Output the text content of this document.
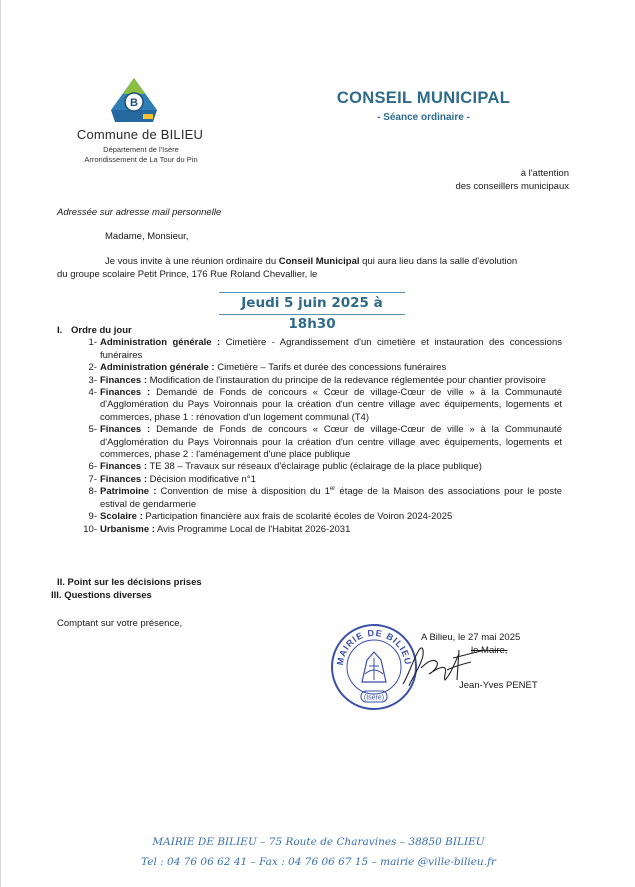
B
Commune de BILIEU
Département de l'Isère
Arrondissement de La Tour du Pin
CONSEIL MUNICIPAL
- Séance ordinaire -
à l'attention
des conseillers municipaux
Adressée sur adresse mail personnelle
Madame, Monsieur,
Je vous invite à une réunion ordinaire du Conseil Municipal qui aura lieu dans la salle d'évolution
du groupe scolaire Petit Prince, 176 Rue Roland Chevallier, le
Jeudi 5 juin 2025 à 18h30
I. Ordre du jour
1- Administration générale : Cimetière - Agrandissement d'un cimetière et instauration des concessions funéraires
2- Administration générale : Cimetière – Tarifs et durée des concessions funéraires
3- Finances : Modification de l'instauration du principe de la redevance réglementée pour chantier provisoire
4- Finances : Demande de Fonds de concours « Cœur de village-Cœur de ville » à la Communauté d'Agglomération du Pays Voironnais pour la création d'un centre village avec équipements, logements et commerces, phase 1 : rénovation d'un logement communal (T4)
5- Finances : Demande de Fonds de concours « Cœur de village-Cœur de ville » à la Communauté d'Agglomération du Pays Voironnais pour la création d'un centre village avec équipements, logements et commerces, phase 2 : l'aménagement d'une place publique
6- Finances : TE 38 – Travaux sur réseaux d'éclairage public (éclairage de la place publique)
7- Finances : Décision modificative n°1
8- Patrimoine : Convention de mise à disposition du 1er étage de la Maison des associations pour le poste estival de gendarmerie
9- Scolaire : Participation financière aux frais de scolarité écoles de Voiron 2024-2025
10- Urbanisme : Avis Programme Local de l'Habitat 2026-2031
II. Point sur les décisions prises
III. Questions diverses
Comptant sur votre présence,
MAIRIE DE BILIEU
(Isère)
A Bilieu, le 27 mai 2025
le Maire,
Jean-Yves PENET
MAIRIE DE BILIEU – 75 Route de Charavines – 38850 BILIEU
Tel : 04 76 06 62 41 – Fax : 04 76 06 67 15 – mairie @ville-bilieu.fr
